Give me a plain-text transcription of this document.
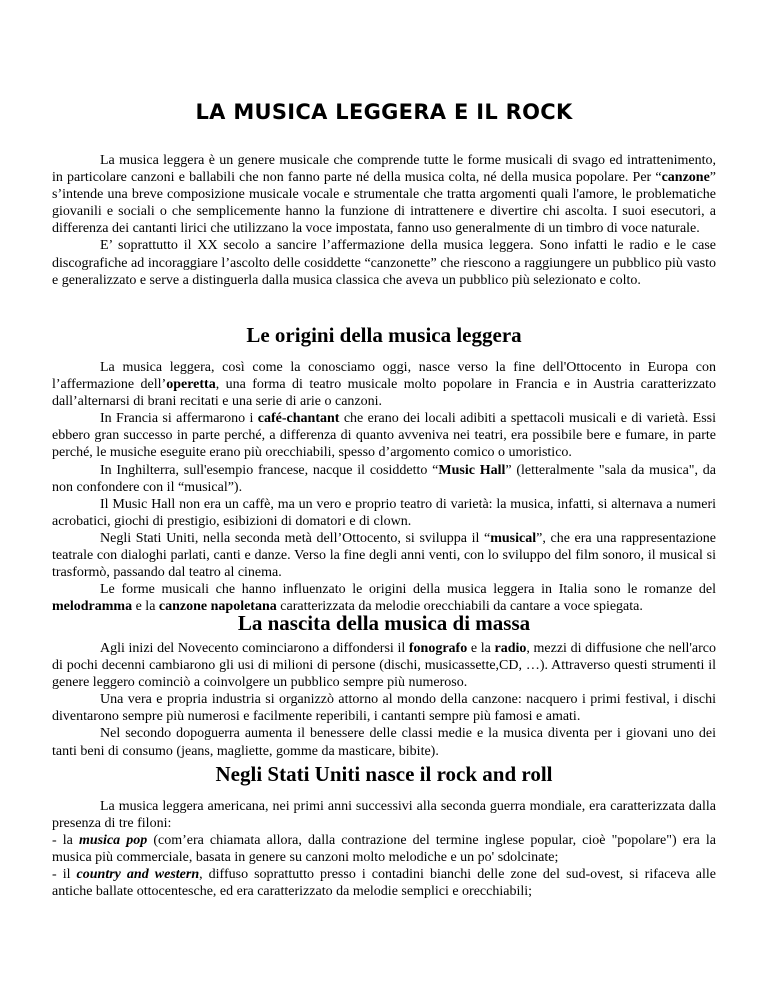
LA MUSICA LEGGERA E IL ROCK

La musica leggera è un genere musicale che comprende tutte le forme musicali di svago ed intrattenimento, in particolare canzoni e ballabili che non fanno parte né della musica colta, né della musica popolare. Per “canzone” s’intende una breve composizione musicale vocale e strumentale che tratta argomenti quali l'amore, le problematiche giovanili e sociali o che semplicemente hanno la funzione di intrattenere e divertire chi ascolta. I suoi esecutori, a differenza dei cantanti lirici che utilizzano la voce impostata, fanno uso generalmente di un timbro di voce naturale.

E’ soprattutto il XX secolo a sancire l’affermazione della musica leggera. Sono infatti le radio e le case discografiche ad incoraggiare l’ascolto delle cosiddette “canzonette” che riescono a raggiungere un pubblico più vasto e generalizzato e serve a distinguerla dalla musica classica che aveva un pubblico più selezionato e colto.

Le origini della musica leggera

La musica leggera, così come la conosciamo oggi, nasce verso la fine dell'Ottocento in Europa con l’affermazione dell’operetta, una forma di teatro musicale molto popolare in Francia e in Austria caratterizzato dall’alternarsi di brani recitati e una serie di arie o canzoni.

In Francia si affermarono i café-chantant che erano dei locali adibiti a spettacoli musicali e di varietà. Essi ebbero gran successo in parte perché, a differenza di quanto avveniva nei teatri, era possibile bere e fumare, in parte perché, le musiche eseguite erano più orecchiabili, spesso d’argomento comico o umoristico.

In Inghilterra, sull'esempio francese, nacque il cosiddetto “Music Hall” (letteralmente "sala da musica", da non confondere con il “musical”).

Il Music Hall non era un caffè, ma un vero e proprio teatro di varietà: la musica, infatti, si alternava a numeri acrobatici, giochi di prestigio, esibizioni di domatori e di clown.

Negli Stati Uniti, nella seconda metà dell’Ottocento, si sviluppa il “musical”, che era una rappresentazione teatrale con dialoghi parlati, canti e danze. Verso la fine degli anni venti, con lo sviluppo del film sonoro, il musical si trasformò, passando dal teatro al cinema.

Le forme musicali che hanno influenzato le origini della musica leggera in Italia sono le romanze del melodramma e la canzone napoletana caratterizzata da melodie orecchiabili da cantare a voce spiegata.

La nascita della musica di massa

Agli inizi del Novecento cominciarono a diffondersi il fonografo e la radio, mezzi di diffusione che nell'arco di pochi decenni cambiarono gli usi di milioni di persone (dischi, musicassette,CD, …). Attraverso questi strumenti il genere leggero cominciò a coinvolgere un pubblico sempre più numeroso.

Una vera e propria industria si organizzò attorno al mondo della canzone: nacquero i primi festival, i dischi diventarono sempre più numerosi e facilmente reperibili, i cantanti sempre più famosi e amati.

Nel secondo dopoguerra aumenta il benessere delle classi medie e la musica diventa per i giovani uno dei tanti beni di consumo (jeans, magliette, gomme da masticare, bibite).

Negli Stati Uniti nasce il rock and roll

La musica leggera americana, nei primi anni successivi alla seconda guerra mondiale, era caratterizzata dalla presenza di tre filoni:

- la musica pop (com’era chiamata allora, dalla contrazione del termine inglese popular, cioè "popolare") era la musica più commerciale, basata in genere su canzoni molto melodiche e un po' sdolcinate;

- il country and western, diffuso soprattutto presso i contadini bianchi delle zone del sud-ovest, si rifaceva alle antiche ballate ottocentesche, ed era caratterizzato da melodie semplici e orecchiabili;
